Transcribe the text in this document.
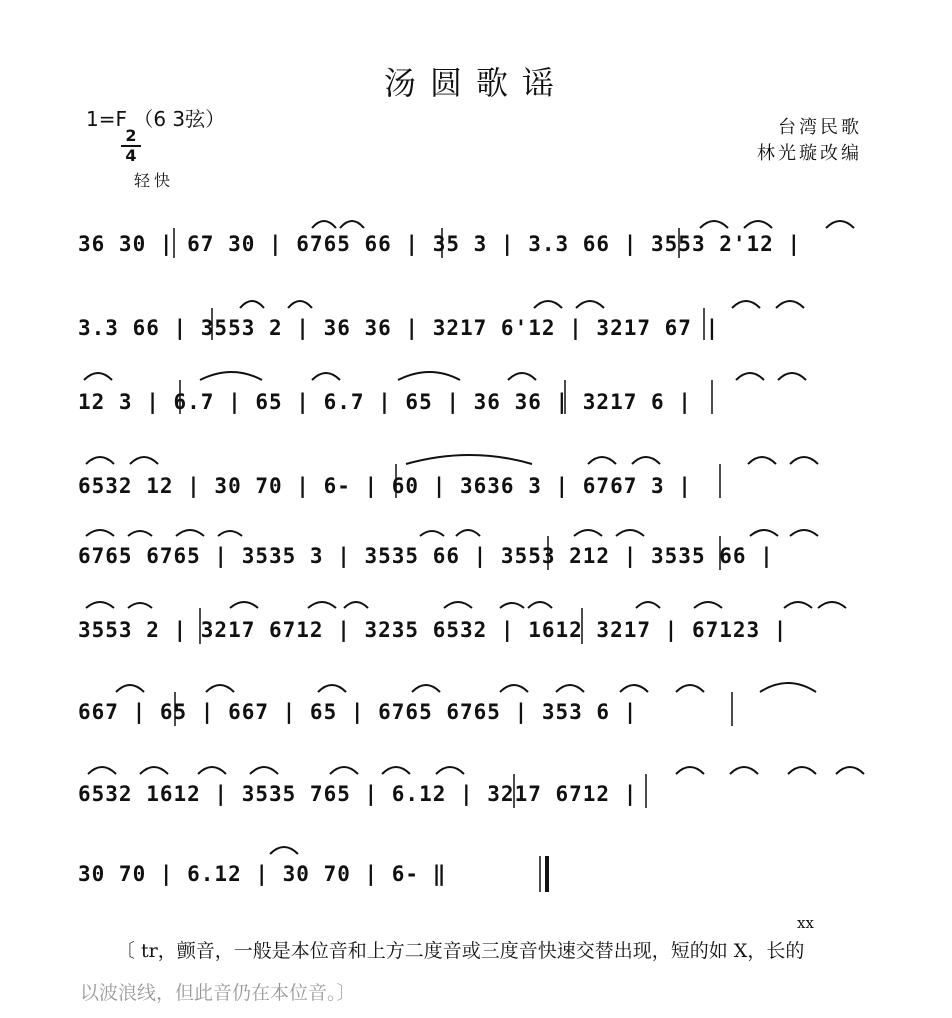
汤圆歌谣
1=F （6 3弦）
2
4
轻快
台湾民歌
林光璇改编
36 30 | 67 30 | 6765 66 | 35 3 | 3.3 66 | 3553 2'12 |
3.3 66 | 3553 2 | 36 36 | 3217 6'12 | 3217 67 |
12 3 | 6.7 | 65 | 6.7 | 65 | 36 36 | 3217 6 |
6532 12 | 30 70 | 6- | 60 | 3636 3 | 6767 3 |
6765 6765 | 3535 3 | 3535 66 | 3553 212 | 3535 66 |
3553 2 | 3217 6712 | 3235 6532 | 1612 3217 | 67123 |
667 | 65 | 667 | 65 | 6765 6765 | 353 6 |
6532 1612 | 3535 765 | 6.12 | 3217 6712 |
30 70 | 6.12 | 30 70 | 6- ‖
xx
〔 tr，颤音，一般是本位音和上方二度音或三度音快速交替出现，短的如 X，长的
以波浪线，但此音仍在本位音。〕
